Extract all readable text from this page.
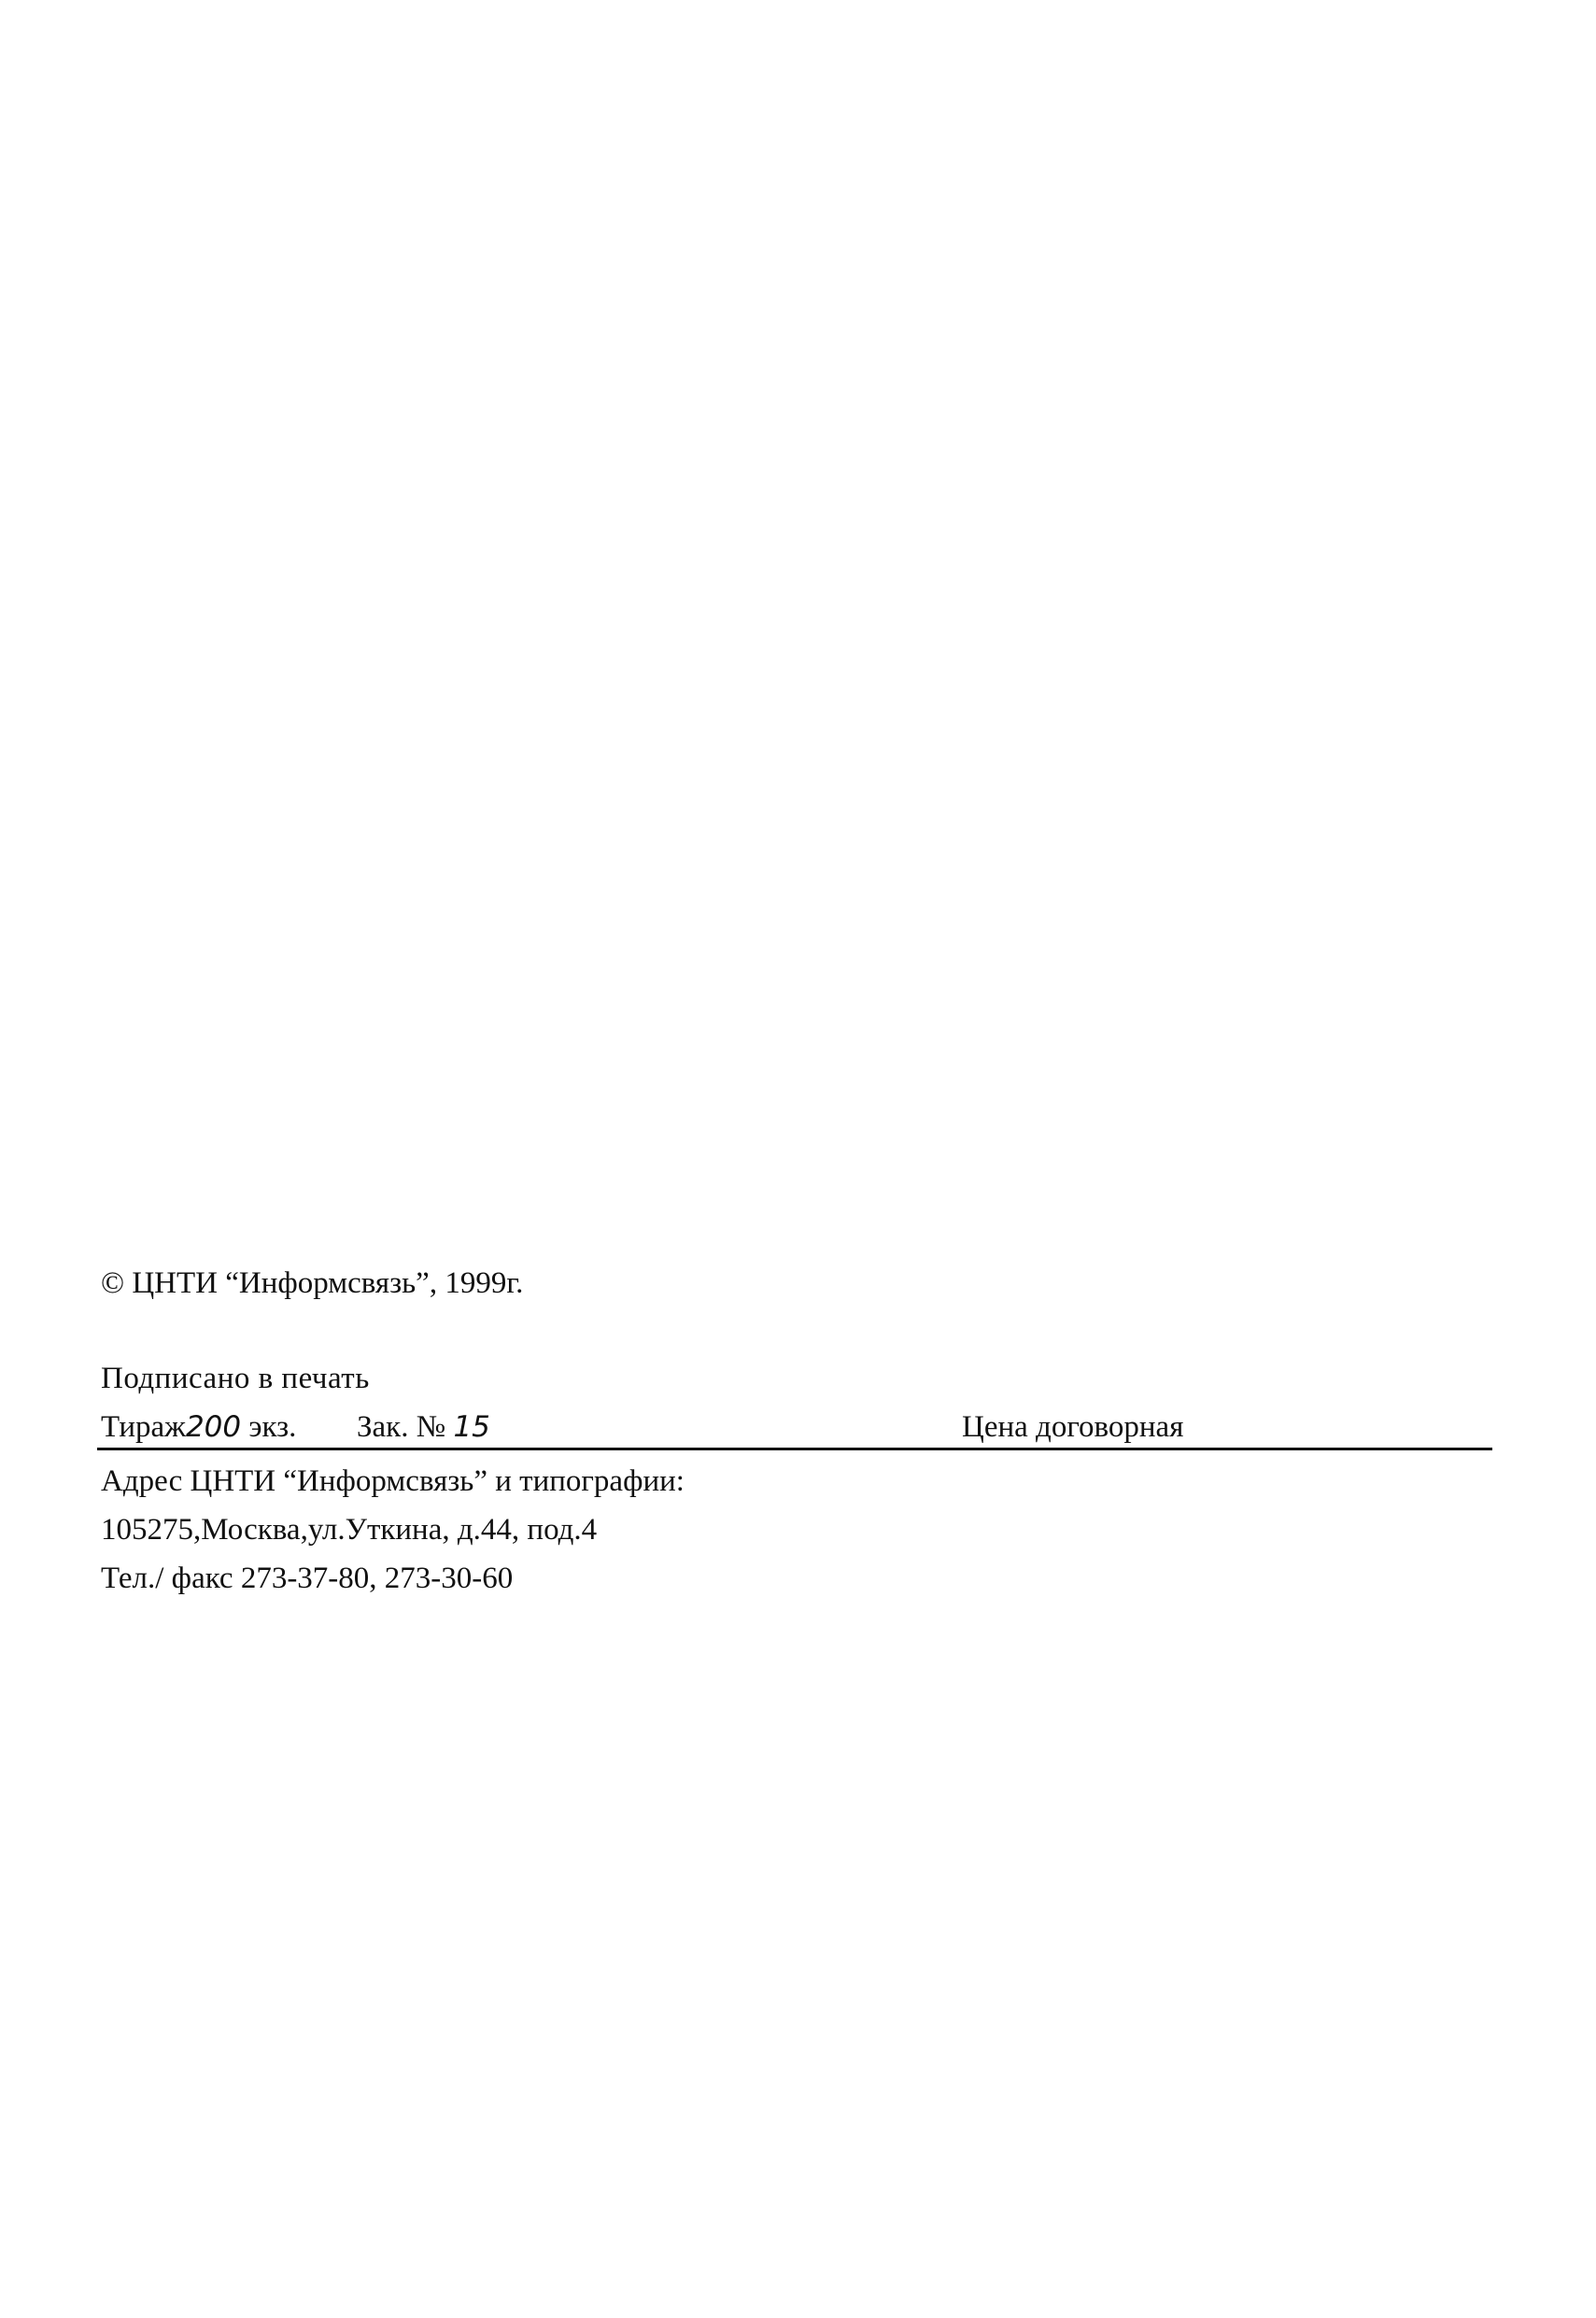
© ЦНТИ “Информсвязь”, 1999г.
Подписано в печать
Тираж200 экз. Зак. № 15	Цена договорная
Адрес ЦНТИ “Информсвязь” и типографии:
105275,Москва,ул.Уткина, д.44, под.4
Тел./ факс 273-37-80, 273-30-60
